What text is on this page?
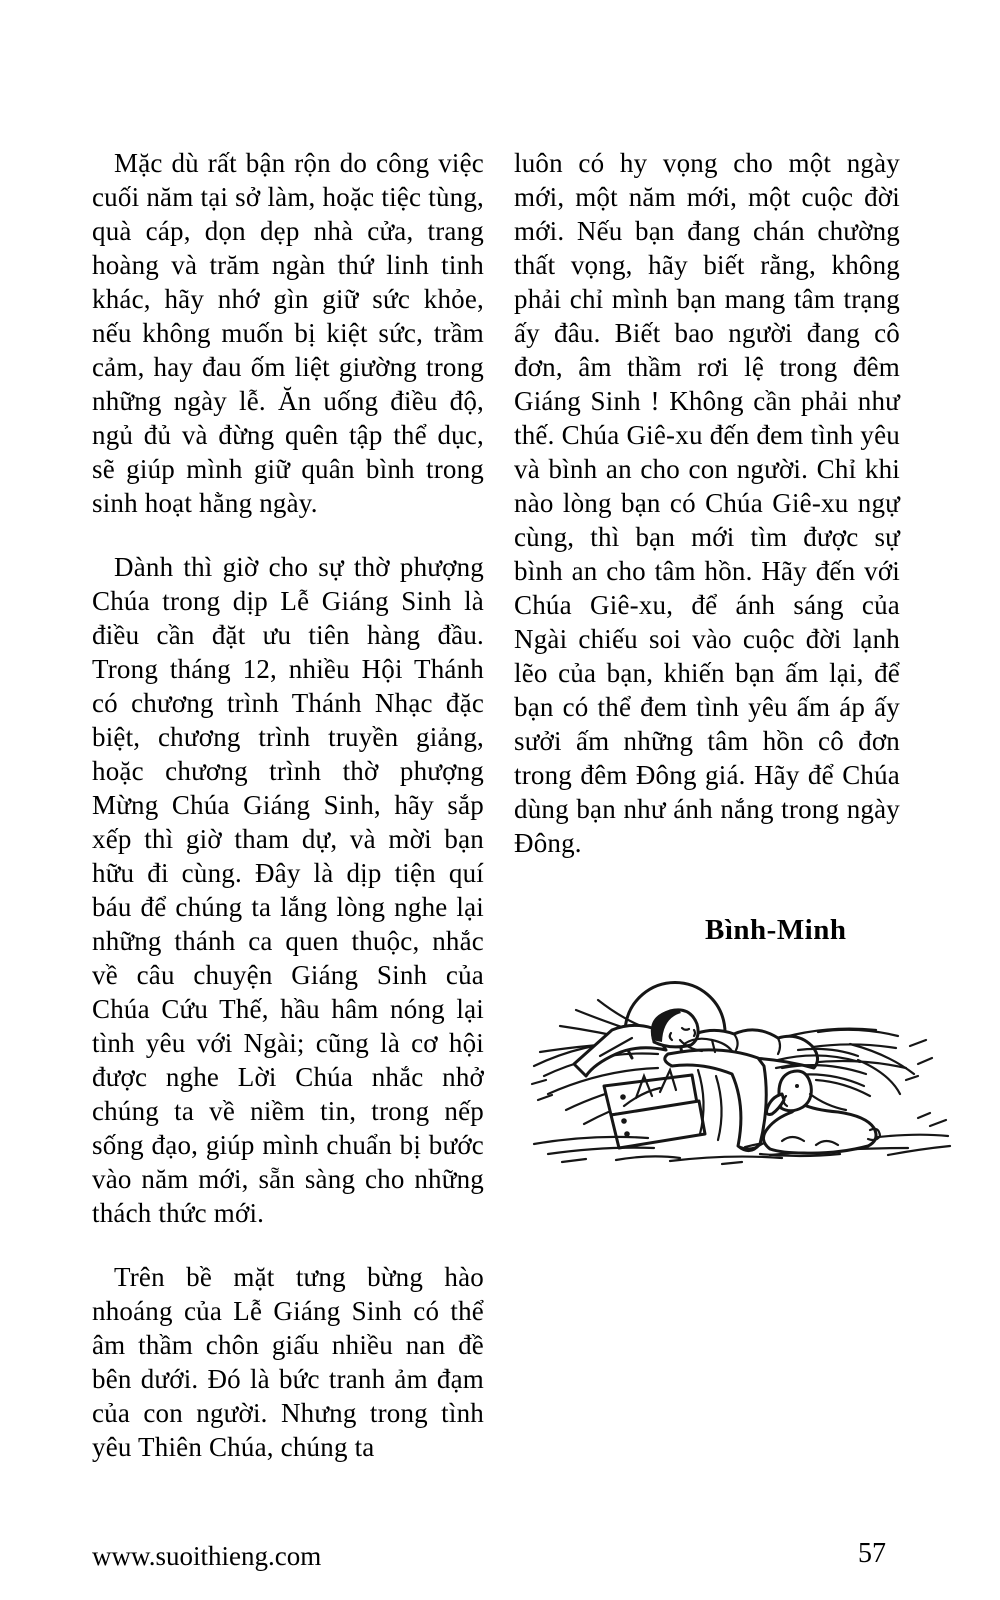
Mặc dù rất bận rộn do công việc cuối năm tại sở làm, hoặc tiệc tùng, quà cáp, dọn dẹp nhà cửa, trang hoàng và trăm ngàn thứ linh tinh khác, hãy nhớ gìn giữ sức khỏe, nếu không muốn bị kiệt sức, trầm cảm, hay đau ốm liệt giường trong những ngày lễ. Ăn uống điều độ, ngủ đủ và đừng quên tập thể dục, sẽ giúp mình giữ quân bình trong sinh hoạt hằng ngày.

Dành thì giờ cho sự thờ phượng Chúa trong dịp Lễ Giáng Sinh là điều cần đặt ưu tiên hàng đầu. Trong tháng 12, nhiều Hội Thánh có chương trình Thánh Nhạc đặc biệt, chương trình truyền giảng, hoặc chương trình thờ phượng Mừng Chúa Giáng Sinh, hãy sắp xếp thì giờ tham dự, và mời bạn hữu đi cùng. Đây là dịp tiện quí báu để chúng ta lắng lòng nghe lại những thánh ca quen thuộc, nhắc về câu chuyện Giáng Sinh của Chúa Cứu Thế, hầu hâm nóng lại tình yêu với Ngài; cũng là cơ hội được nghe Lời Chúa nhắc nhở chúng ta về niềm tin, trong nếp sống đạo, giúp mình chuẩn bị bước vào năm mới, sẵn sàng cho những thách thức mới.

Trên bề mặt tưng bừng hào nhoáng của Lễ Giáng Sinh có thể âm thầm chôn giấu nhiều nan đề bên dưới. Đó là bức tranh ảm đạm của con người. Nhưng trong tình yêu Thiên Chúa, chúng ta

luôn có hy vọng cho một ngày mới, một năm mới, một cuộc đời mới. Nếu bạn đang chán chường thất vọng, hãy biết rằng, không phải chỉ mình bạn mang tâm trạng ấy đâu. Biết bao người đang cô đơn, âm thầm rơi lệ trong đêm Giáng Sinh ! Không cần phải như thế. Chúa Giê-xu đến đem tình yêu và bình an cho con người. Chỉ khi nào lòng bạn có Chúa Giê-xu ngự cùng, thì bạn mới tìm được sự bình an cho tâm hồn. Hãy đến với Chúa Giê-xu, để ánh sáng của Ngài chiếu soi vào cuộc đời lạnh lẽo của bạn, khiến bạn ấm lại, để bạn có thể đem tình yêu ấm áp ấy sưởi ấm những tâm hồn cô đơn trong đêm Đông giá. Hãy để Chúa dùng bạn như ánh nắng trong ngày Đông.

Bình-Minh
www.suoithieng.com	57
